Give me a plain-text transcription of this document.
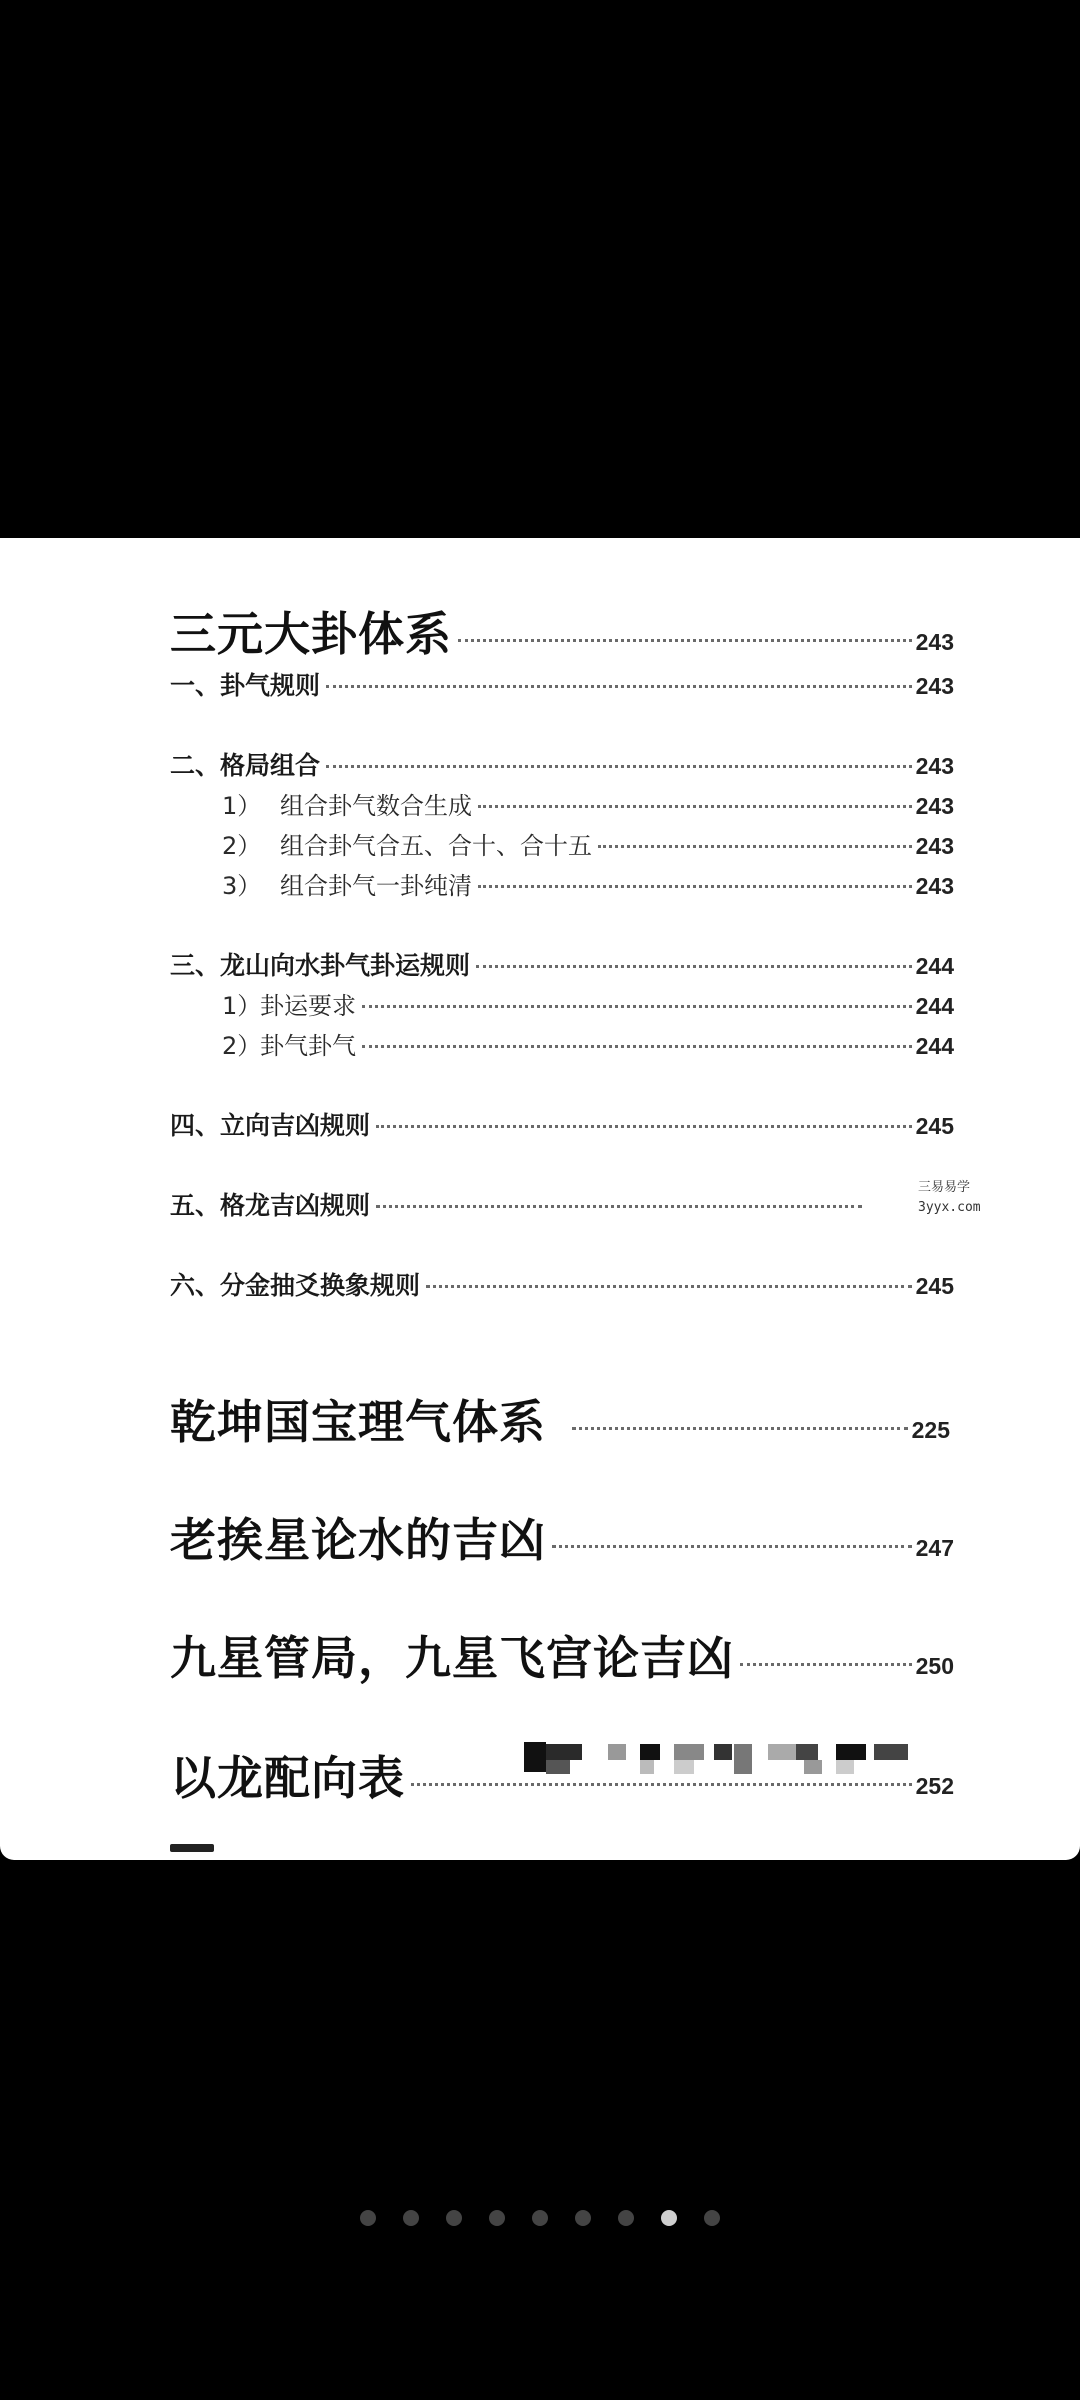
三元大卦体系	243
一、卦气规则	243
二、格局组合	243
1） 组合卦气数合生成	243
2） 组合卦气合五、合十、合十五	243
3） 组合卦气一卦纯清	243
三、龙山向水卦气卦运规则	244
1）卦运要求	244
2）卦气卦气	244
四、立向吉凶规则	245
五、格龙吉凶规则
三易易学
3yyx.com
六、分金抽爻换象规则	245
乾坤国宝理气体系	225
老挨星论水的吉凶	247
九星管局，九星飞宫论吉凶	250
以龙配向表	252
